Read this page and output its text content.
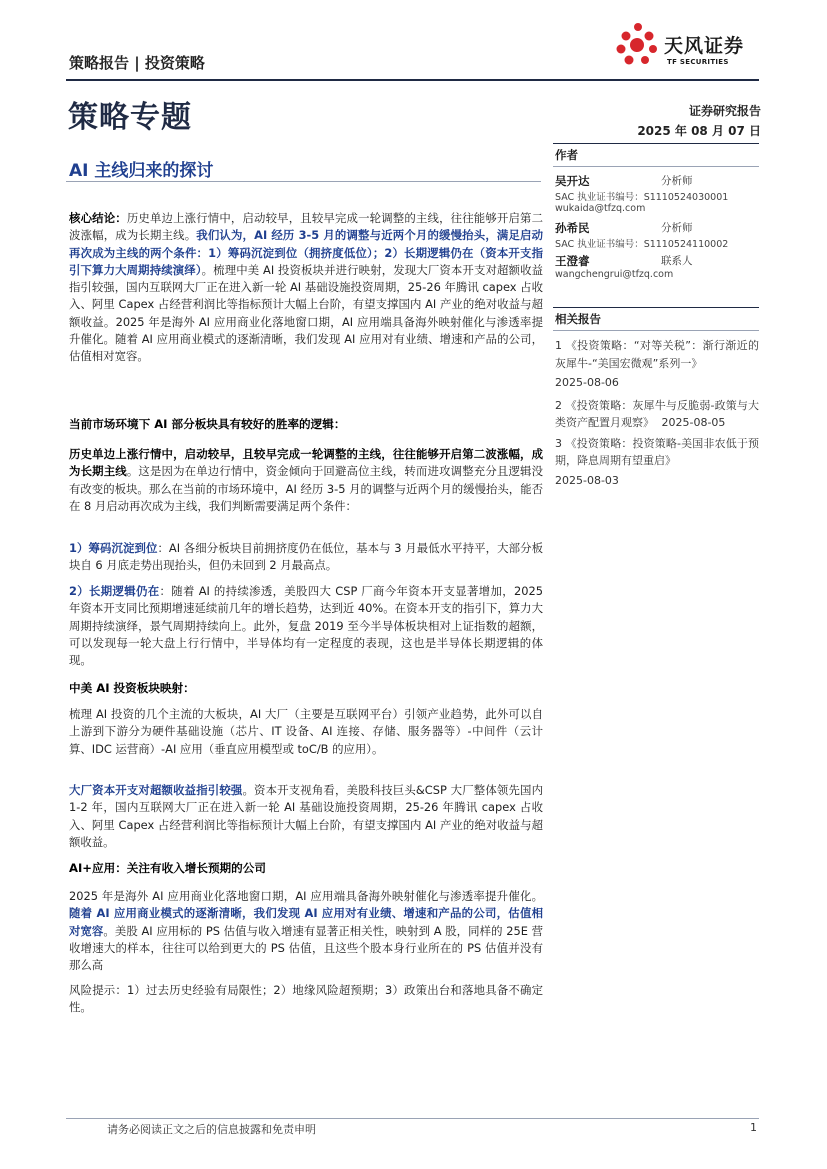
策略报告 | 投资策略
天风证券
TF SECURITIES
策略专题	证券研究报告
2025 年 08 月 07 日
AI 主线归来的探讨

核心结论：历史单边上涨行情中，启动较早，且较早完成一轮调整的主线，往往能够开启第二波涨幅，成为长期主线。我们认为，AI 经历 3-5 月的调整与近两个月的缓慢抬头，满足启动再次成为主线的两个条件：1）筹码沉淀到位（拥挤度低位）；2）长期逻辑仍在（资本开支指引下算力大周期持续演绎）。梳理中美 AI 投资板块并进行映射，发现大厂资本开支对超额收益指引较强，国内互联网大厂正在进入新一轮 AI 基础设施投资周期，25-26 年腾讯 capex 占收入、阿里 Capex 占经营利润比等指标预计大幅上台阶，有望支撑国内 AI 产业的绝对收益与超额收益。2025 年是海外 AI 应用商业化落地窗口期，AI 应用端具备海外映射催化与渗透率提升催化。随着 AI 应用商业模式的逐渐清晰，我们发现 AI 应用对有业绩、增速和产品的公司，估值相对宽容。

当前市场环境下 AI 部分板块具有较好的胜率的逻辑：

历史单边上涨行情中，启动较早，且较早完成一轮调整的主线，往往能够开启第二波涨幅，成为长期主线。这是因为在单边行情中，资金倾向于回避高位主线，转而进攻调整充分且逻辑没有改变的板块。那么在当前的市场环境中，AI 经历 3-5 月的调整与近两个月的缓慢抬头，能否在 8 月启动再次成为主线，我们判断需要满足两个条件：

1）筹码沉淀到位：AI 各细分板块目前拥挤度仍在低位，基本与 3 月最低水平持平，大部分板块自 6 月底走势出现抬头，但仍未回到 2 月最高点。

2）长期逻辑仍在：随着 AI 的持续渗透，美股四大 CSP 厂商今年资本开支显著增加，2025 年资本开支同比预期增速延续前几年的增长趋势，达到近 40%。在资本开支的指引下，算力大周期持续演绎，景气周期持续向上。此外，复盘 2019 至今半导体板块相对上证指数的超额，可以发现每一轮大盘上行行情中，半导体均有一定程度的表现，这也是半导体长期逻辑的体现。

中美 AI 投资板块映射：

梳理 AI 投资的几个主流的大板块，AI 大厂（主要是互联网平台）引领产业趋势，此外可以自上游到下游分为硬件基础设施（芯片、IT 设备、AI 连接、存储、服务器等）-中间件（云计算、IDC 运营商）-AI 应用（垂直应用模型或 toC/B 的应用）。

大厂资本开支对超额收益指引较强。资本开支视角看，美股科技巨头&CSP 大厂整体领先国内 1-2 年，国内互联网大厂正在进入新一轮 AI 基础设施投资周期，25-26 年腾讯 capex 占收入、阿里 Capex 占经营利润比等指标预计大幅上台阶，有望支撑国内 AI 产业的绝对收益与超额收益。

AI+应用：关注有收入增长预期的公司

2025 年是海外 AI 应用商业化落地窗口期，AI 应用端具备海外映射催化与渗透率提升催化。随着 AI 应用商业模式的逐渐清晰，我们发现 AI 应用对有业绩、增速和产品的公司，估值相对宽容。美股 AI 应用标的 PS 估值与收入增速有显著正相关性，映射到 A 股，同样的 25E 营收增速大的样本，往往可以给到更大的 PS 估值，且这些个股本身行业所在的 PS 估值并没有那么高

风险提示：1）过去历史经验有局限性；2）地缘风险超预期；3）政策出台和落地具备不确定性。

作者
吴开达	分析师
SAC 执业证书编号：S1110524030001
wukaida@tfzq.com
孙希民	分析师
SAC 执业证书编号：S1110524110002
王澄睿	联系人
wangchengrui@tfzq.com
相关报告
1 《投资策略：“对等关税”：渐行渐近的灰犀牛-“美国宏微观”系列一》
2025-08-06
2 《投资策略：灰犀牛与反脆弱-政策与大类资产配置月观察》 2025-08-05
3 《投资策略：投资策略-美国非农低于预期，降息周期有望重启》
2025-08-03
请务必阅读正文之后的信息披露和免责申明	1
